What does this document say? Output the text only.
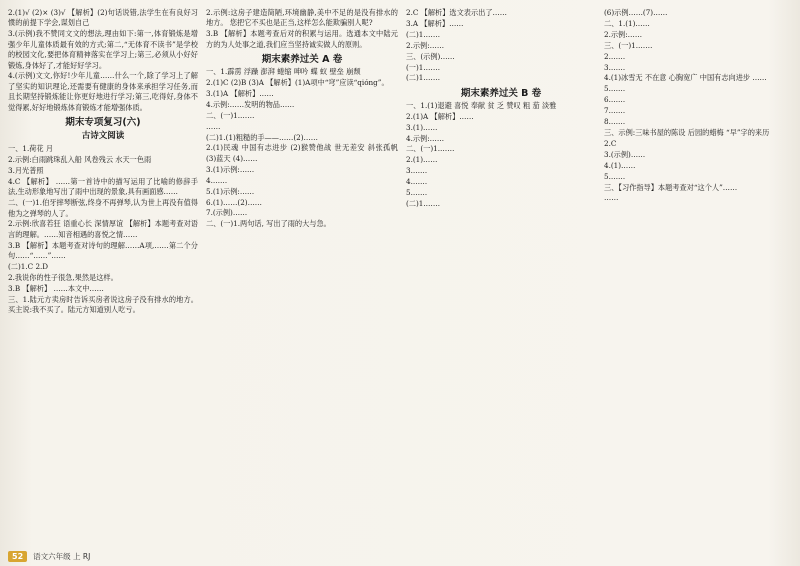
2.(1)√ (2)× (3)√ 【解析】(2)句话说错,法学生在有良好习惯的前提下学会,谋划自己

3.(示例)我不赞同文文的想法,理由如下:第一,体育锻炼是增强少年儿童体质最有效的方式;第二,“无体育不读书”是学校的校园文化,要把体育精神落实在学习上;第三,必须从小好好锻炼,身体好了,才能好好学习。

4.(示例)文文,你好!少年儿童……什么一个,除了学习上了解了坚实的知识理论,还需要有健康的身体来承担学习任务,而且长期坚持锻炼能让你更好地进行学习;第三,吃得好,身体不觉得累,好好地锻炼体育锻炼才能增强体质。

期末专项复习(六)
古诗文阅读

一、1.荷花 月

2.示例:白雨跳珠乱入船 风卷残云 水天一色雨

3.月光普照

4.C 【解析】 ……第一首诗中的描写运用了比喻的修辞手法,生动形象地写出了雨中出现的景象,具有画面感……

二、(一)1.伯牙摔琴断弦,终身不再弹琴,认为世上再没有值得他为之弹琴的人了。

2.示例:欣喜若狂 语重心长 深情厚谊 【解析】本题考查对语言的理解。……知音相遇的喜悦之情……

3.B 【解析】本题考查对诗句的理解……A项,……第二个分句……“……”……

(二)1.C 2.D

2.我说你的性子很急,果然是这样。

3.B 【解析】 ……本文中……

三、1.陆元方卖房时告诉买房者说这房子没有排水的地方。 买主说:我不买了。陆元方知道别人吃亏。

2.示例:这房子建造简陋,环境幽静,美中不足的是没有排水的地方。 您把它不买也是正当,这样怎么能欺骗别人呢?

3.B 【解析】本题考查后对的积累与运用。选通本文中陆元方的为人处事之道,我们应当坚持诚实做人的原则。

期末素养过关 A 卷

一、1.霹雳 浮躁 澎湃 蜷缩 呻吟 蝶 蚁 壁垒 崩颓

2.(1)C (2)B (3)A 【解析】(1)A项中“穹”应读“qióng”。

3.(1)A 【解析】……

4.示例:……发明的物品……

二、(一)1.……

……

(二)1.(1)粗糙的手——……(2)……

2.(1)民魂 中国有志进步 (2)猴赞他战 世无差安 斜张孤帆 (3)蓝天 (4)……

3.(1)示例:……

4.……

5.(1)示例:……

6.(1)……(2)……

7.(示例)……

二、(一)1.两句话, 写出了雨的大与急。

2.C 【解析】选文表示出了……

3.A 【解析】……

(二)1.……

2.示例:……

三、(示例)……

(一)1.……

(二)1.……

期末素养过关 B 卷

一、1.(1)退避 喜悦 奉献 贫 乏 赞叹 粗 茄 淡雅

2.(1)A 【解析】……

3.(1)……

4.示例:……

二、(一)1.……

2.(1)……

3.……

4.……

5.……

(二)1.……

(6)示例……(7)……

二、1.(1)……

2.示例:……

三、(一)1.……

2.……

3.……

4.(1)冰雪无 不在意 心胸宽广 中国有志向进步 ……

5.……

6.……

7.……

8.……

三、示例:三味书屋的陈设 后园的蜡梅 “早”字的来历

2.C

3.(示例)……

4.(1)……

5.……

三、【习作指导】本题考查对“这个人”……

……

52	语文六年级 上 RJ
